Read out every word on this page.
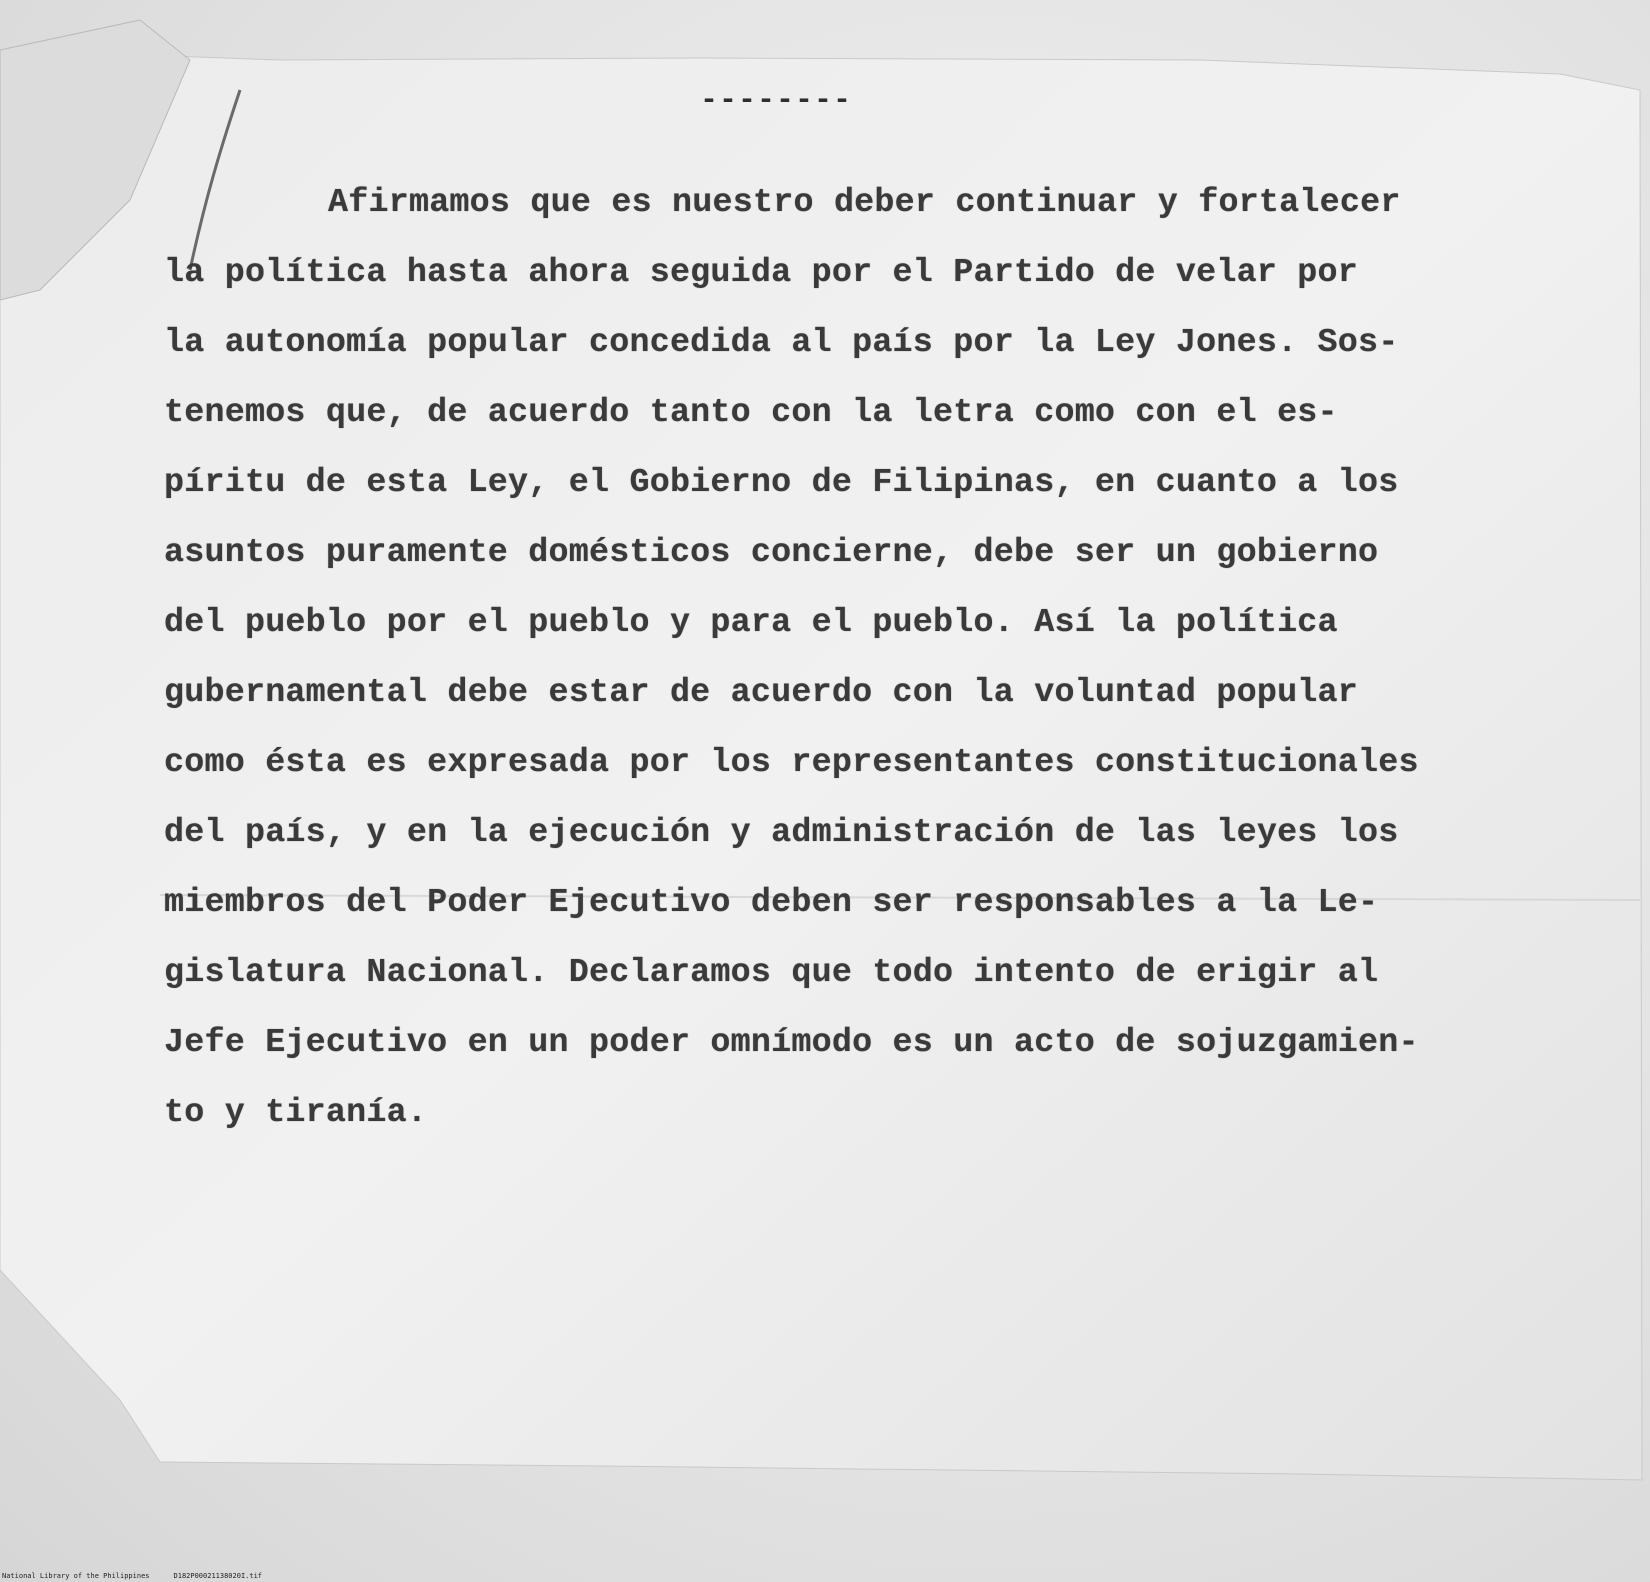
--------
Afirmamos que es nuestro deber continuar y fortalecer
la política hasta ahora seguida por el Partido de velar por
la autonomía popular concedida al país por la Ley Jones. Sos-
tenemos que, de acuerdo tanto con la letra como con el es-
píritu de esta Ley, el Gobierno de Filipinas, en cuanto a los
asuntos puramente domésticos concierne, debe ser un gobierno
del pueblo por el pueblo y para el pueblo. Así la política
gubernamental debe estar de acuerdo con la voluntad popular
como ésta es expresada por los representantes constitucionales
del país, y en la ejecución y administración de las leyes los
miembros del Poder Ejecutivo deben ser responsables a la Le-
gislatura Nacional. Declaramos que todo intento de erigir al
Jefe Ejecutivo en un poder omnímodo es un acto de sojuzgamien-
to y tiranía.
National Library of the Philippines	D182P00021138020I.tif
